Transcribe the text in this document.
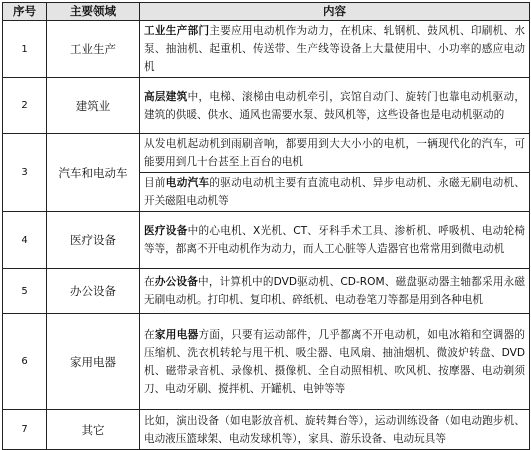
序号	主要领域	内容
1	工业生产	工业生产部门主要应用电动机作为动力，在机床、轧钢机、鼓风机、印刷机、水泵、抽油机、起重机、传送带、生产线等设备上大量使用中、小功率的感应电动机
2	建筑业	高层建筑中，电梯、滚梯由电动机牵引，宾馆自动门、旋转门也靠电动机驱动，建筑的供暖、供水、通风也需要水泵、鼓风机等，这些设备也是电动机驱动的
3	汽车和电动车	从发电机起动机到雨刷音响，都要用到大大小小的电机，一辆现代化的汽车，可能要用到几十台甚至上百台的电机
		目前电动汽车的驱动电动机主要有直流电动机、异步电动机、永磁无刷电动机、开关磁阻电动机等
4	医疗设备	医疗设备中的心电机、X光机、CT、牙科手术工具、渗析机、呼吸机、电动轮椅等等，都离不开电动机作为动力，而人工心脏等人造器官也常常用到微电动机
5	办公设备	在办公设备中，计算机中的DVD驱动机、CD-ROM、磁盘驱动器主轴都采用永磁无刷电动机。打印机、复印机、碎纸机、电动卷笔刀等都是用到各种电机
6	家用电器	在家用电器方面，只要有运动部件，几乎都离不开电动机，如电冰箱和空调器的压缩机、洗衣机转轮与甩干机、吸尘器、电风扇、抽油烟机、微波炉转盘、DVD机、磁带录音机、录像机、摄像机、全自动照相机、吹风机、按摩器、电动剃须刀、电动牙刷、搅拌机、开罐机、电钟等等
7	其它	比如，演出设备（如电影放音机、旋转舞台等），运动训练设备（如电动跑步机、电动液压篮球架、电动发球机等），家具、游乐设备、电动玩具等
